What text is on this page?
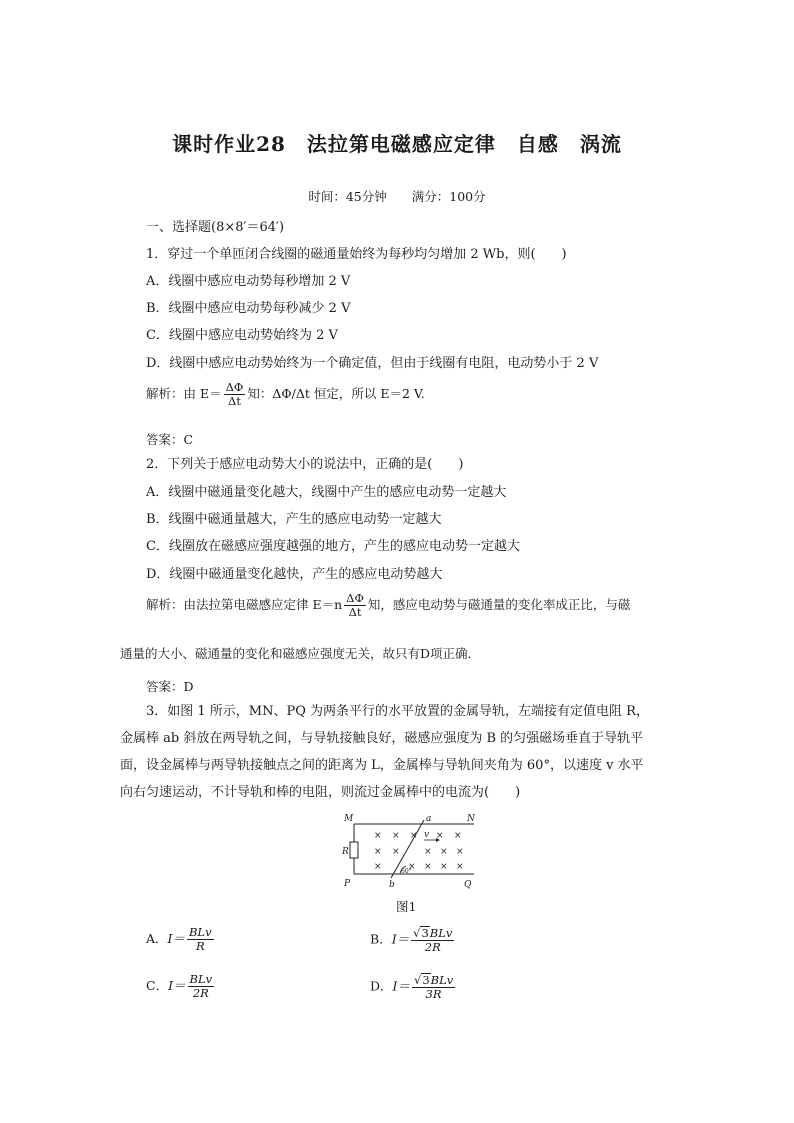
课时作业28　法拉第电磁感应定律　自感　涡流
时间：45分钟　　满分：100分
一、选择题(8×8′＝64′)
1．穿过一个单匝闭合线圈的磁通量始终为每秒均匀增加 2 Wb，则(　　)
A．线圈中感应电动势每秒增加 2 V
B．线圈中感应电动势每秒减少 2 V
C．线圈中感应电动势始终为 2 V
D．线圈中感应电动势始终为一个确定值，但由于线圈有电阻，电动势小于 2 V
解析：由 $E= \frac{\Delta\Phi}{\Delta t}$ 知：ΔΦ/Δt 恒定，所以 E＝2 V.
答案：C
2．下列关于感应电动势大小的说法中，正确的是(　　)
A．线圈中磁通量变化越大，线圈中产生的感应电动势一定越大
B．线圈中磁通量越大，产生的感应电动势一定越大
C．线圈放在磁感应强度越强的地方，产生的感应电动势一定越大
D．线圈中磁通量变化越快，产生的感应电动势越大
解析：由法拉第电磁感应定律 $E=n \frac{\Delta\Phi}{\Delta t}$ 知，感应电动势与磁通量的变化率成正比，与磁
通量的大小、磁通量的变化和磁感应强度无关，故只有D项正确．
答案：D
3．如图 1 所示，MN、PQ 为两条平行的水平放置的金属导轨，左端接有定值电阻 R，
金属棒 ab 斜放在两导轨之间，与导轨接触良好，磁感应强度为 B 的匀强磁场垂直于导轨平
面，设金属棒与两导轨接触点之间的距离为 L，金属棒与导轨间夹角为 60°，以速度 v 水平
向右匀速运动，不计导轨和棒的电阻，则流过金属棒中的电流为(　　)
M	N
P	Q
R
a
b
v
60°
× × × × ×
× ×	× × ×
×	× × × ×
图1
A．$I= \frac{\text{BLv}}{R}$	B．$I= \frac{\text{√3BLv}}{2R}$
C．$I= \frac{\text{BLv}}{2R}$	D．$I= \frac{\text{√3BLv}}{3R}$
